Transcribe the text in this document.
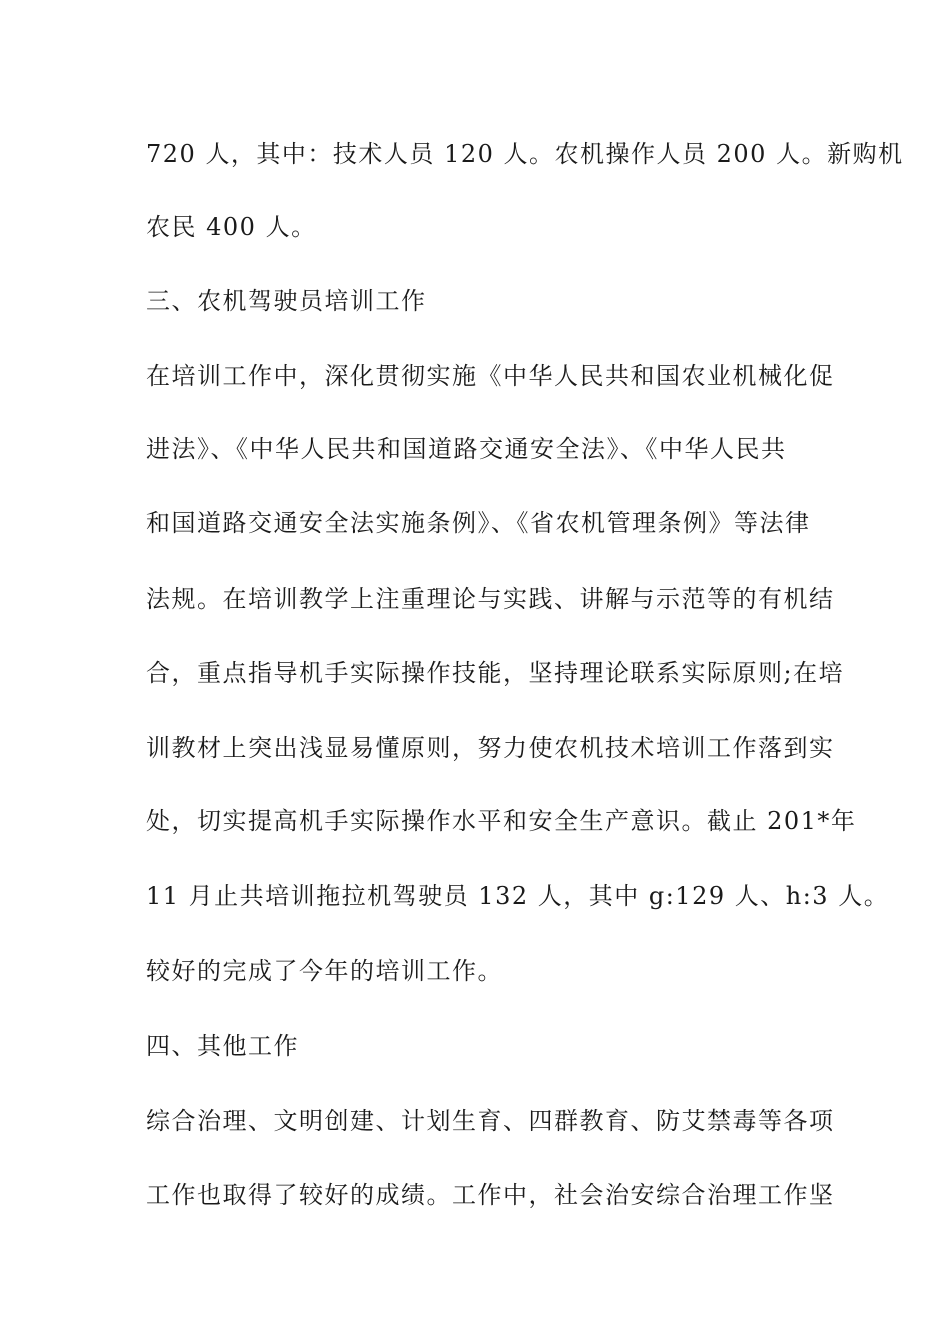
720 人，其中：技术人员 120 人。农机操作人员 200 人。新购机
农民 400 人。
三、农机驾驶员培训工作
在培训工作中，深化贯彻实施《中华人民共和国农业机械化促
进法》、《中华人民共和国道路交通安全法》、《中华人民共
和国道路交通安全法实施条例》、《省农机管理条例》等法律
法规。在培训教学上注重理论与实践、讲解与示范等的有机结
合，重点指导机手实际操作技能，坚持理论联系实际原则;在培
训教材上突出浅显易懂原则，努力使农机技术培训工作落到实
处，切实提高机手实际操作水平和安全生产意识。截止 201*年
11 月止共培训拖拉机驾驶员 132 人，其中 g:129 人、h:3 人。
较好的完成了今年的培训工作。
四、其他工作
综合治理、文明创建、计划生育、四群教育、防艾禁毒等各项
工作也取得了较好的成绩。工作中，社会治安综合治理工作坚
